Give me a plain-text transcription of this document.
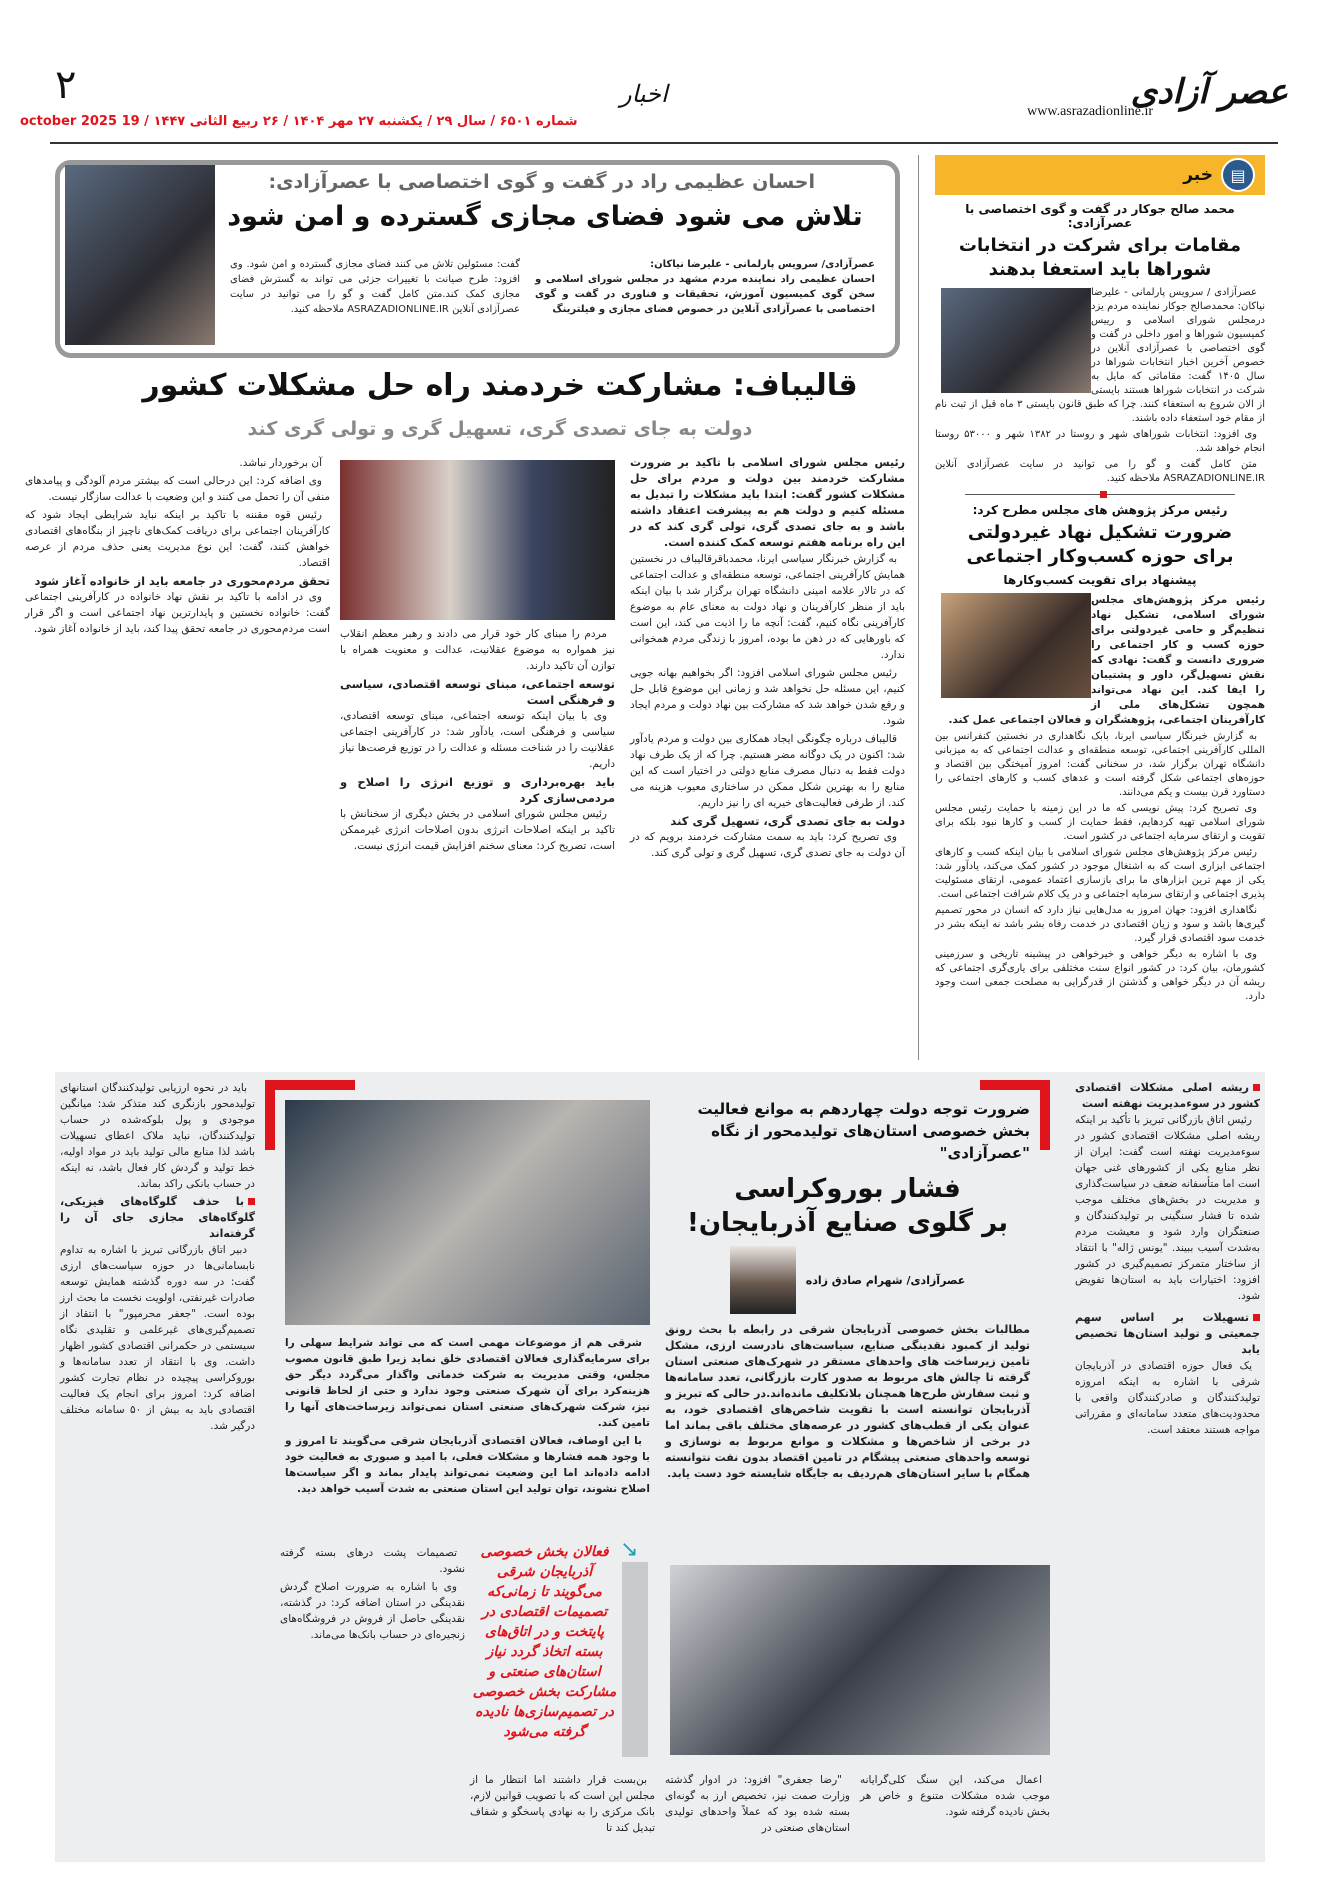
عصر آزادی
www.asrazadionline.ir
اخبار
۲
شماره ۶۵۰۱ / سال ۲۹ / یکشنبه ۲۷ مهر ۱۴۰۴ / ۲۶ ربیع الثانی ۱۴۴۷ / 19 october 2025
▤
خبر
احسان عظیمی راد در گفت و گوی اختصاصی با عصرآزادی:
تلاش می شود فضای مجازی گسترده و امن شود
عصرآزادی/ سرویس پارلمانی - علیرضا نیاکان:
احسان عظیمی راد نماینده مردم مشهد در مجلس شورای اسلامی و سخن گوی کمیسیون آموزش، تحقیقات و فناوری در گفت و گوی اختصاصی با عصرآزادی آنلاین در خصوص فضای مجازی و فیلترینگ
گفت: مسئولین تلاش می کنند فضای مجازی گسترده و امن شود. وی افزود: طرح صیانت با تغییرات جزئی می تواند به گسترش فضای مجازی کمک کند.متن کامل گفت و گو را می توانید در سایت عصرآزادی آنلاین ASRAZADIONLINE.IR ملاحظه کنید.
محمد صالح جوکار در گفت و گوی اختصاصی با عصرآزادی:
مقامات برای شرکت در انتخابات شوراها باید استعفا بدهند

عصرآزادی / سرویس پارلمانی - علیرضا نیاکان: محمدصالح جوکار نماینده مردم یزد درمجلس شورای اسلامی و رییس کمیسیون شوراها و امور داخلی در گفت و گوی اختصاصی با عصرآزادی آنلاین در خصوص آخرین اخبار انتخابات شوراها در سال ۱۴۰۵ گفت: مقاماتی که مایل به شرکت در انتخابات شوراها هستند بایستی از الان شروع به استعفاء کنند. چرا که طبق قانون بایستی ۳ ماه قبل از ثبت نام از مقام خود استعفاء داده باشند.

وی افزود: انتخابات شوراهای شهر و روستا در ۱۳۸۲ شهر و ۵۳۰۰۰ روستا انجام خواهد شد.

متن کامل گفت و گو را می توانید در سایت عصرآزادی آنلاین ASRAZADIONLINE.IR ملاحظه کنید.

رئیس مرکز پژوهش های مجلس مطرح کرد:
ضرورت تشکیل نهاد غیردولتی برای حوزه کسب‌وکار اجتماعی
پیشنهاد برای تقویت کسب‌وکارها
رئیس مرکز پژوهش‌های مجلس شورای اسلامی، تشکیل نهاد تنظیم‌گر و حامی غیردولتی برای حوزه کسب و کار اجتماعی را ضروری دانست و گفت: نهادی که نقش تسهیل‌گر، داور و پشتیبان را ایفا کند. این نهاد می‌تواند همچون تشکل‌های ملی از کارآفرینان اجتماعی، پژوهشگران و فعالان اجتماعی عمل کند.

به گزارش خبرنگار سیاسی ایرنا، بابک نگاهداری در نخستین کنفرانس بین المللی کارآفرینی اجتماعی، توسعه منطقه‌ای و عدالت اجتماعی که به میزبانی دانشگاه تهران برگزار شد، در سخنانی گفت: امروز آمیختگی بین اقتصاد و حوزه‌های اجتماعی شکل گرفته است و عدهای کسب و کارهای اجتماعی را دستاورد قرن بیست و یکم می‌دانند.

وی تصریح کرد: پیش نویسی که ما در این زمینه با حمایت رئیس مجلس شورای اسلامی تهیه کردهایم، فقط حمایت از کسب و کارها نبود بلکه برای تقویت و ارتقای سرمایه اجتماعی در کشور است.

رئیس مرکز پژوهش‌های مجلس شورای اسلامی با بیان اینکه کسب و کارهای اجتماعی ابزاری است که به اشتغال موجود در کشور کمک می‌کند، یادآور شد: یکی از مهم ترین ابزارهای ما برای بازسازی اعتماد عمومی، ارتقای مسئولیت پذیری اجتماعی و ارتقای سرمایه اجتماعی و در یک کلام شرافت اجتماعی است.

نگاهداری افزود: جهان امروز به مدل‌هایی نیاز دارد که انسان در محور تصمیم گیری‌ها باشد و سود و زیان اقتصادی در خدمت رفاه بشر باشد نه اینکه بشر در خدمت سود اقتصادی قرار گیرد.

وی با اشاره به دیگر خواهی و خیرخواهی در پیشینه تاریخی و سرزمینی کشورمان، بیان کرد: در کشور انواع سنت مختلفی برای یاری‌گری اجتماعی که ریشه آن در دیگر خواهی و گذشتن از قدرگرایی به مصلحت جمعی است وجود دارد.

قالیباف: مشارکت خردمند راه حل مشکلات کشور
دولت به جای تصدی گری، تسهیل گری و تولی گری کند
رئیس مجلس شورای اسلامی با تاکید بر ضرورت مشارکت خردمند بین دولت و مردم برای حل مشکلات کشور گفت: ابتدا باید مشکلات را تبدیل به مسئله کنیم و دولت هم به پیشرفت اعتقاد داشته باشد و به جای تصدی گری، تولی گری کند که در این راه برنامه هفتم توسعه کمک کننده است.

به گزارش خبرنگار سیاسی ایرنا، محمدباقرقالیباف در نخستین همایش کارآفرینی اجتماعی، توسعه منطقه‌ای و عدالت اجتماعی که در تالار علامه امینی دانشگاه تهران برگزار شد با بیان اینکه باید از منظر کارآفرینان و نهاد دولت به معنای عام به موضوع کارآفرینی نگاه کنیم، گفت: آنچه ما را اذیت می کند، این است که باورهایی که در ذهن ما بوده، امروز با زندگی مردم همخوانی ندارد.

رئیس مجلس شورای اسلامی افزود: اگر بخواهیم بهانه جویی کنیم، این مسئله حل نخواهد شد و زمانی این موضوع قابل حل و رفع شدن خواهد شد که مشارکت بین نهاد دولت و مردم ایجاد شود.

قالیباف درباره چگونگی ایجاد همکاری بین دولت و مردم یادآور شد: اکنون در یک دوگانه مضر هستیم. چرا که از یک طرف نهاد دولت فقط به دنبال مصرف منابع دولتی در اختیار است که این منابع را به بهترین شکل ممکن در ساختاری معیوب هزینه می کند. از طرفی فعالیت‌های خیریه ای را نیز داریم.

دولت به جای تصدی گری، تسهیل گری کند

وی تصریح کرد: باید به سمت مشارکت خردمند برویم که در آن دولت به جای تصدی گری، تسهیل گری و تولی گری کند.

مردم را مبنای کار خود قرار می دادند و رهبر معظم انقلاب نیز همواره به موضوع عقلانیت، عدالت و معنویت همراه با توازن آن تاکید دارند.

توسعه اجتماعی، مبنای توسعه اقتصادی، سیاسی و فرهنگی است

وی با بیان اینکه توسعه اجتماعی، مبنای توسعه اقتصادی، سیاسی و فرهنگی است، یادآور شد: در کارآفرینی اجتماعی عقلانیت را در شناخت مسئله و عدالت را در توزیع فرصت‌ها نیاز داریم.

باید بهره‌برداری و توزیع انرژی را اصلاح و مردمی‌سازی کرد

رئیس مجلس شورای اسلامی در بخش دیگری از سخنانش با تاکید بر اینکه اصلاحات انرژی بدون اصلاحات انرژی غیرممکن است، تصریح کرد: معنای سخنم افزایش قیمت انرژی نیست.

آن برخوردار نباشد.

وی اضافه کرد: این درحالی است که بیشتر مردم آلودگی و پیامدهای منفی آن را تحمل می کنند و این وضعیت با عدالت سازگار نیست.

رئیس قوه مقننه با تاکید بر اینکه نباید شرایطی ایجاد شود که کارآفرینان اجتماعی برای دریافت کمک‌های ناچیز از بنگاه‌های اقتصادی خواهش کنند، گفت: این نوع مدیریت یعنی حذف مردم از عرصه اقتصاد.

تحقق مردم‌محوری در جامعه باید از خانواده آغاز شود

وی در ادامه با تاکید بر نقش نهاد خانواده در کارآفرینی اجتماعی گفت: خانواده نخستین و پایدارترین نهاد اجتماعی است و اگر قرار است مردم‌محوری در جامعه تحقق پیدا کند، باید از خانواده آغاز شود.

ریشه اصلی مشکلات اقتصادی کشور در سوءمدیریت نهفته است

رئیس اتاق بازرگانی تبریز با تأکید بر اینکه ریشه اصلی مشکلات اقتصادی کشور در سوءمدیریت نهفته است گفت: ایران از نظر منابع یکی از کشورهای غنی جهان است اما متأسفانه ضعف در سیاست‌گذاری و مدیریت در بخش‌های مختلف موجب شده تا فشار سنگینی بر تولیدکنندگان و صنعتگران وارد شود و معیشت مردم به‌شدت آسیب ببیند. "یونس ژاله" با انتقاد از ساختار متمرکز تصمیم‌گیری در کشور افزود: اختیارات باید به استان‌ها تفویض شود.

تسهیلات بر اساس سهم جمعیتی و تولید استان‌ها تخصیص یابد

یک فعال حوزه اقتصادی در آذربایجان شرقی با اشاره به اینکه امروزه تولیدکنندگان و صادرکنندگان واقعی با محدودیت‌های متعدد سامانه‌ای و مقرراتی مواجه هستند معتقد است.

باید در نحوه ارزیابی تولیدکنندگان استانهای تولیدمحور بازنگری کند متذکر شد: میانگین موجودی و پول بلوکه‌شده در حساب تولیدکنندگان، نباید ملاک اعطای تسهیلات باشد لذا منابع مالی تولید باید در مواد اولیه، خط تولید و گردش کار فعال باشد، نه اینکه در حساب بانکی راکد بماند.

با حذف گلوگاه‌های فیزیکی، گلوگاه‌های مجازی جای آن را گرفته‌اند

دبیر اتاق بازرگانی تبریز با اشاره به تداوم نابسامانی‌ها در حوزه سیاست‌های ارزی گفت: در سه دوره گذشته همایش توسعه صادرات غیرنفتی، اولویت نخست ما بحث ارز بوده است. "جعفر محرمپور" با انتقاد از تصمیم‌گیری‌های غیرعلمی و تقلیدی نگاه سیستمی در حکمرانی اقتصادی کشور اظهار داشت. وی با انتقاد از تعدد سامانه‌ها و بوروکراسی پیچیده در نظام تجارت کشور اضافه کرد: امروز برای انجام یک فعالیت اقتصادی باید به بیش از ۵۰ سامانه مختلف درگیر شد.

ضرورت توجه دولت چهاردهم به موانع فعالیت بخش خصوصی استان‌های تولیدمحور از نگاه "عصرآزادی"
فشار بوروکراسی
بر گلوی صنایع آذربایجان!
عصرآزادی/ شهرام صادق زاده
مطالبات بخش خصوصی آذربایجان شرقی در رابطه با بحث رونق تولید از کمبود نقدینگی صنایع، سیاست‌های نادرست ارزی، مشکل تامین زیرساخت های واحدهای مستقر در شهرک‌های صنعتی استان گرفته تا چالش های مربوط به صدور کارت بازرگانی، تعدد سامانه‌ها و ثبت سفارش طرح‌ها همچنان بلاتکلیف مانده‌اند.در حالی که تبریز و آذربایجان توانسته است با تقویت شاخص‌های اقتصادی خود، به عنوان یکی از قطب‌های کشور در عرصه‌های مختلف باقی بماند اما در برخی از شاخص‌ها و مشکلات و موانع مربوط به نوسازی و توسعه واحدهای صنعتی پیشگام در تامین اقتصاد بدون نفت نتوانسته همگام با سایر استان‌های هم‌ردیف به جایگاه شایسته خود دست یابد.

شرقی هم از موضوعات مهمی است که می تواند شرایط سهلی را برای سرمایه‌گذاری فعالان اقتصادی خلق نماید زیرا طبق قانون مصوب مجلس، وقتی مدیریت به شرکت خدماتی واگذار می‌گردد دیگر حق هزینه‌کرد برای آن شهرک صنعتی وجود ندارد و حتی از لحاظ قانونی نیز، شرکت شهرک‌های صنعتی استان نمی‌تواند زیرساخت‌های آنها را تامین کند.

با این اوصاف، فعالان اقتصادی آذربایجان شرقی می‌گویند تا امروز و با وجود همه فشارها و مشکلات فعلی، با امید و صبوری به فعالیت خود ادامه داده‌اند اما این وضعیت نمی‌تواند پایدار بماند و اگر سیاست‌ها اصلاح نشوند، توان تولید این استان صنعتی به شدت آسیب خواهد دید.

↘
فعالان بخش خصوصی آذربایجان شرقی می‌گویند تا زمانی‌که تصمیمات اقتصادی در پایتخت و در اتاق‌های بسته اتخاذ گردد نیاز استان‌های صنعتی و مشارکت بخش خصوصی در تصمیم‌سازی‌ها نادیده گرفته می‌شود

تصمیمات پشت درهای بسته گرفته نشود.

وی با اشاره به ضرورت اصلاح گردش نقدینگی در استان اضافه کرد: در گذشته، نقدینگی حاصل از فروش در فروشگاه‌های زنجیره‌ای در حساب بانک‌ها می‌ماند.

اعمال می‌کند، این سنگ کلی‌گرایانه موجب شده مشکلات متنوع و خاص هر بخش نادیده گرفته شود.

"رضا جعفری" افزود: در ادوار گذشته وزارت صمت نیز، تخصیص ارز به گونه‌ای بسته شده بود که عملاً واحدهای تولیدی استان‌های صنعتی در

بن‌بست قرار داشتند اما انتظار ما از مجلس این است که با تصویب قوانین لازم، بانک مرکزی را به نهادی پاسخگو و شفاف تبدیل کند تا
